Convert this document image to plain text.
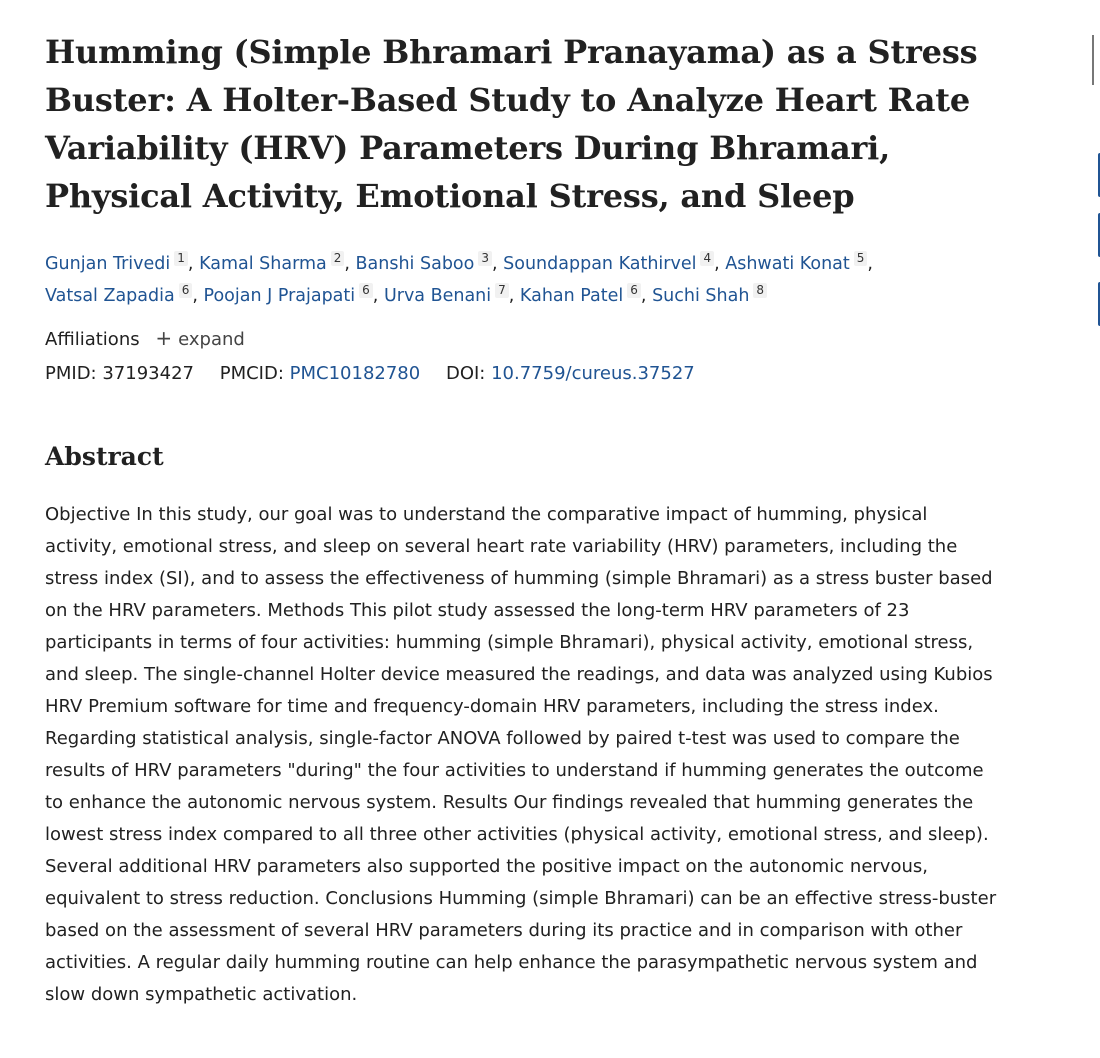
Humming (Simple Bhramari Pranayama) as a Stress Buster: A Holter-Based Study to Analyze Heart Rate Variability (HRV) Parameters During Bhramari, Physical Activity, Emotional Stress, and Sleep
Gunjan Trivedi 1 , Kamal Sharma 2 , Banshi Saboo 3 , Soundappan Kathirvel 4 , Ashwati Konat 5 ,
Vatsal Zapadia 6 , Poojan J Prajapati 6 , Urva Benani 7 , Kahan Patel 6 , Suchi Shah 8
Affiliations + expand
PMID: 37193427 PMCID: PMC10182780 DOI: 10.7759/cureus.37527
Abstract
Objective In this study, our goal was to understand the comparative impact of humming, physical activity, emotional stress, and sleep on several heart rate variability (HRV) parameters, including the stress index (SI), and to assess the effectiveness of humming (simple Bhramari) as a stress buster based on the HRV parameters. Methods This pilot study assessed the long-term HRV parameters of 23 participants in terms of four activities: humming (simple Bhramari), physical activity, emotional stress, and sleep. The single-channel Holter device measured the readings, and data was analyzed using Kubios HRV Premium software for time and frequency-domain HRV parameters, including the stress index. Regarding statistical analysis, single-factor ANOVA followed by paired t-test was used to compare the results of HRV parameters "during" the four activities to understand if humming generates the outcome to enhance the autonomic nervous system. Results Our findings revealed that humming generates the lowest stress index compared to all three other activities (physical activity, emotional stress, and sleep). Several additional HRV parameters also supported the positive impact on the autonomic nervous, equivalent to stress reduction. Conclusions Humming (simple Bhramari) can be an effective stress-buster based on the assessment of several HRV parameters during its practice and in comparison with other activities. A regular daily humming routine can help enhance the parasympathetic nervous system and slow down sympathetic activation.
